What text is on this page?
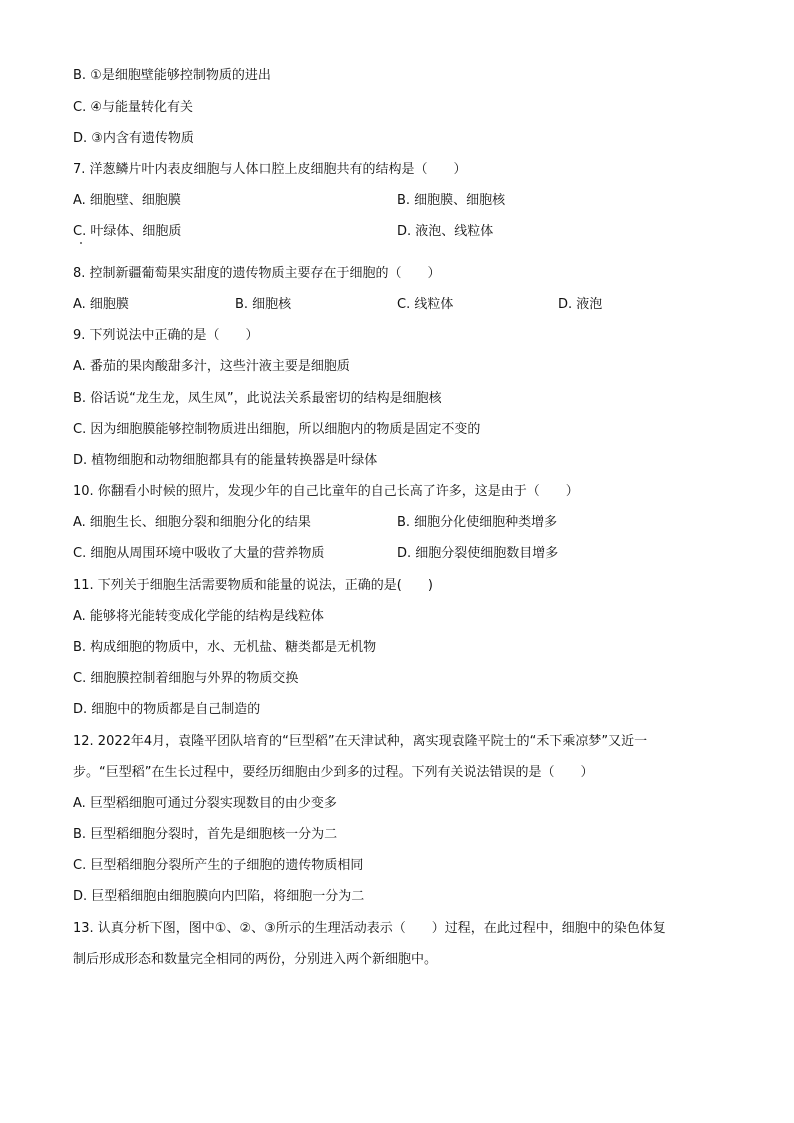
B. ①是细胞壁能够控制物质的进出
C. ④与能量转化有关
D. ③内含有遗传物质
7. 洋葱鳞片叶内表皮细胞与人体口腔上皮细胞共有的结构是（　　）
A. 细胞壁、细胞膜	B. 细胞膜、细胞核
C. 叶绿体、细胞质	D. 液泡、线粒体
8. 控制新疆葡萄果实甜度的遗传物质主要存在于细胞的（　　）
A. 细胞膜	B. 细胞核	C. 线粒体	D. 液泡
9. 下列说法中正确的是（　　）
A. 番茄的果肉酸甜多汁，这些汁液主要是细胞质
B. 俗话说“龙生龙，凤生凤”，此说法关系最密切的结构是细胞核
C. 因为细胞膜能够控制物质进出细胞，所以细胞内的物质是固定不变的
D. 植物细胞和动物细胞都具有的能量转换器是叶绿体
10. 你翻看小时候的照片，发现少年的自己比童年的自己长高了许多，这是由于（　　）
A. 细胞生长、细胞分裂和细胞分化的结果	B. 细胞分化使细胞种类增多
C. 细胞从周围环境中吸收了大量的营养物质	D. 细胞分裂使细胞数目增多
11. 下列关于细胞生活需要物质和能量的说法，正确的是(　　)
A. 能够将光能转变成化学能的结构是线粒体
B. 构成细胞的物质中，水、无机盐、糖类都是无机物
C. 细胞膜控制着细胞与外界的物质交换
D. 细胞中的物质都是自己制造的
12. 2022年4月，袁隆平团队培育的“巨型稻”在天津试种，离实现袁隆平院士的“禾下乘凉梦”又近一
步。“巨型稻”在生长过程中，要经历细胞由少到多的过程。下列有关说法错误的是（　　）
A. 巨型稻细胞可通过分裂实现数目的由少变多
B. 巨型稻细胞分裂时，首先是细胞核一分为二
C. 巨型稻细胞分裂所产生的子细胞的遗传物质相同
D. 巨型稻细胞由细胞膜向内凹陷，将细胞一分为二
13. 认真分析下图，图中①、②、③所示的生理活动表示（　　）过程，在此过程中，细胞中的染色体复
制后形成形态和数量完全相同的两份，分别进入两个新细胞中。
